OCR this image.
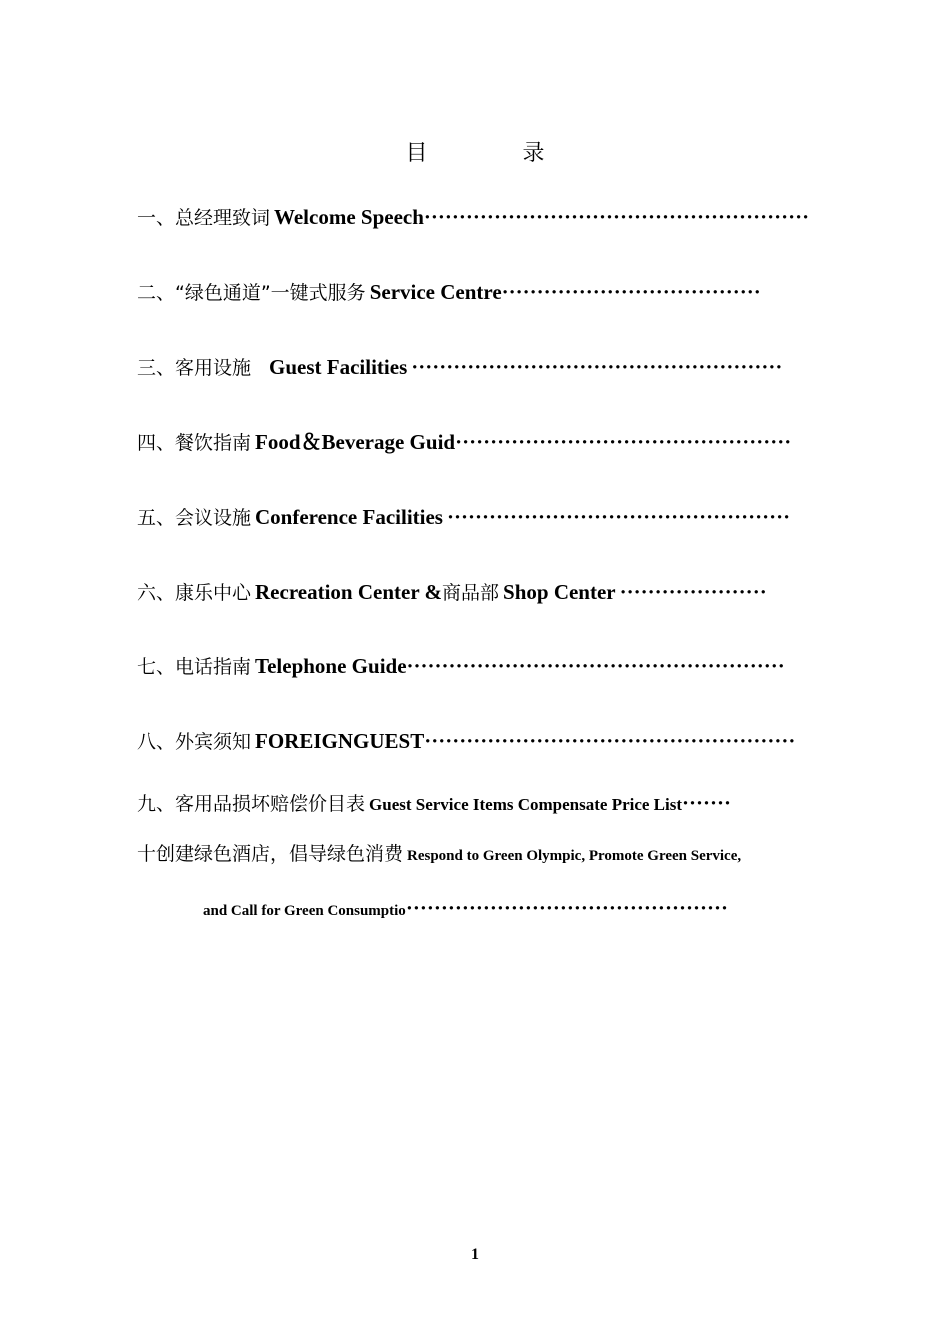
目 录
一、总经理致词 Welcome Speech·······················································
二、“绿色通道”一键式服务 Service Centre·····································
三、客用设施 Guest Facilities ·····················································
四、餐饮指南 Food＆Beverage Guid················································
五、会议设施 Conference Facilities ·················································
六、康乐中心 Recreation Center &商品部 Shop Center ·····················
七、电话指南 Telephone Guide······················································
八、外宾须知 FOREIGNGUEST·····················································
九、客用品损坏赔偿价目表 Guest Service Items Compensate Price List·······
十创建绿色酒店，倡导绿色消费 Respond to Green Olympic, Promote Green Service,
and Call for Green Consumptio··············································
1
